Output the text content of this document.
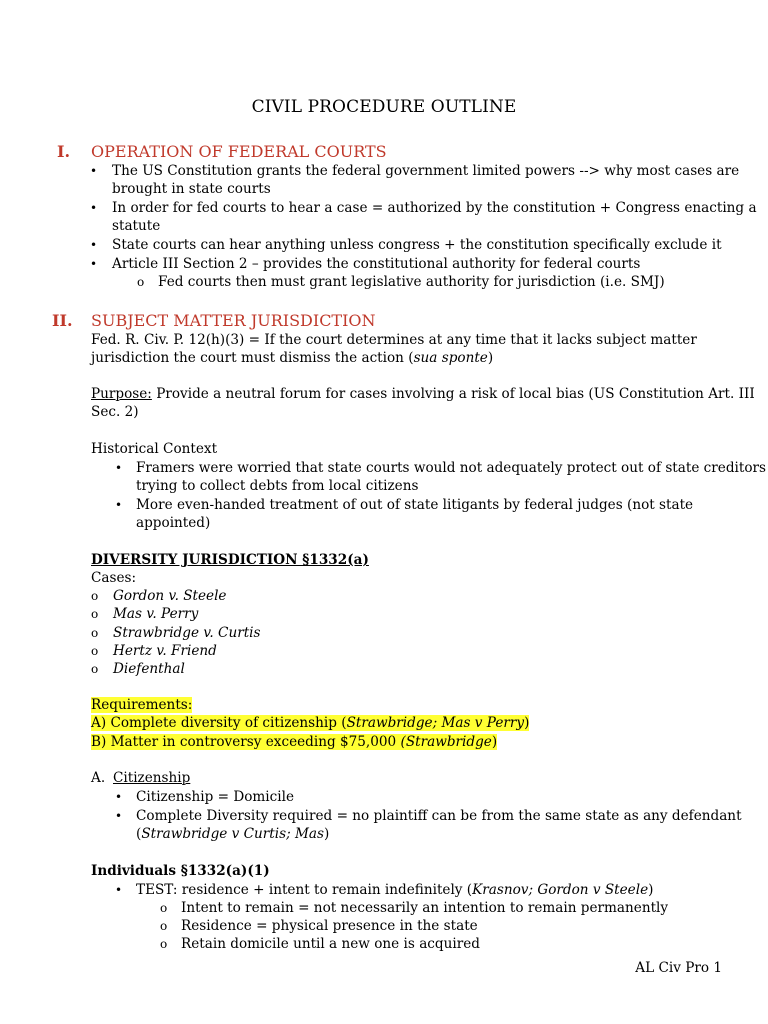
CIVIL PROCEDURE OUTLINE
I. OPERATION OF FEDERAL COURTS
• The US Constitution grants the federal government limited powers --> why most cases are
brought in state courts
• In order for fed courts to hear a case = authorized by the constitution + Congress enacting a
statute
• State courts can hear anything unless congress + the constitution specifically exclude it
• Article III Section 2 – provides the constitutional authority for federal courts
o Fed courts then must grant legislative authority for jurisdiction (i.e. SMJ)
II. SUBJECT MATTER JURISDICTION
Fed. R. Civ. P. 12(h)(3) = If the court determines at any time that it lacks subject matter
jurisdiction the court must dismiss the action (sua sponte)
Purpose: Provide a neutral forum for cases involving a risk of local bias (US Constitution Art. III
Sec. 2)
Historical Context
• Framers were worried that state courts would not adequately protect out of state creditors
trying to collect debts from local citizens
• More even-handed treatment of out of state litigants by federal judges (not state
appointed)
DIVERSITY JURISDICTION §1332(a)
Cases:
o Gordon v. Steele
o Mas v. Perry
o Strawbridge v. Curtis
o Hertz v. Friend
o Diefenthal
Requirements:
A) Complete diversity of citizenship (Strawbridge; Mas v Perry)
B) Matter in controversy exceeding $75,000 (Strawbridge)
A. Citizenship
• Citizenship = Domicile
• Complete Diversity required = no plaintiff can be from the same state as any defendant
(Strawbridge v Curtis; Mas)
Individuals §1332(a)(1)
• TEST: residence + intent to remain indefinitely (Krasnov; Gordon v Steele)
o Intent to remain = not necessarily an intention to remain permanently
o Residence = physical presence in the state
o Retain domicile until a new one is acquired
AL Civ Pro 1
